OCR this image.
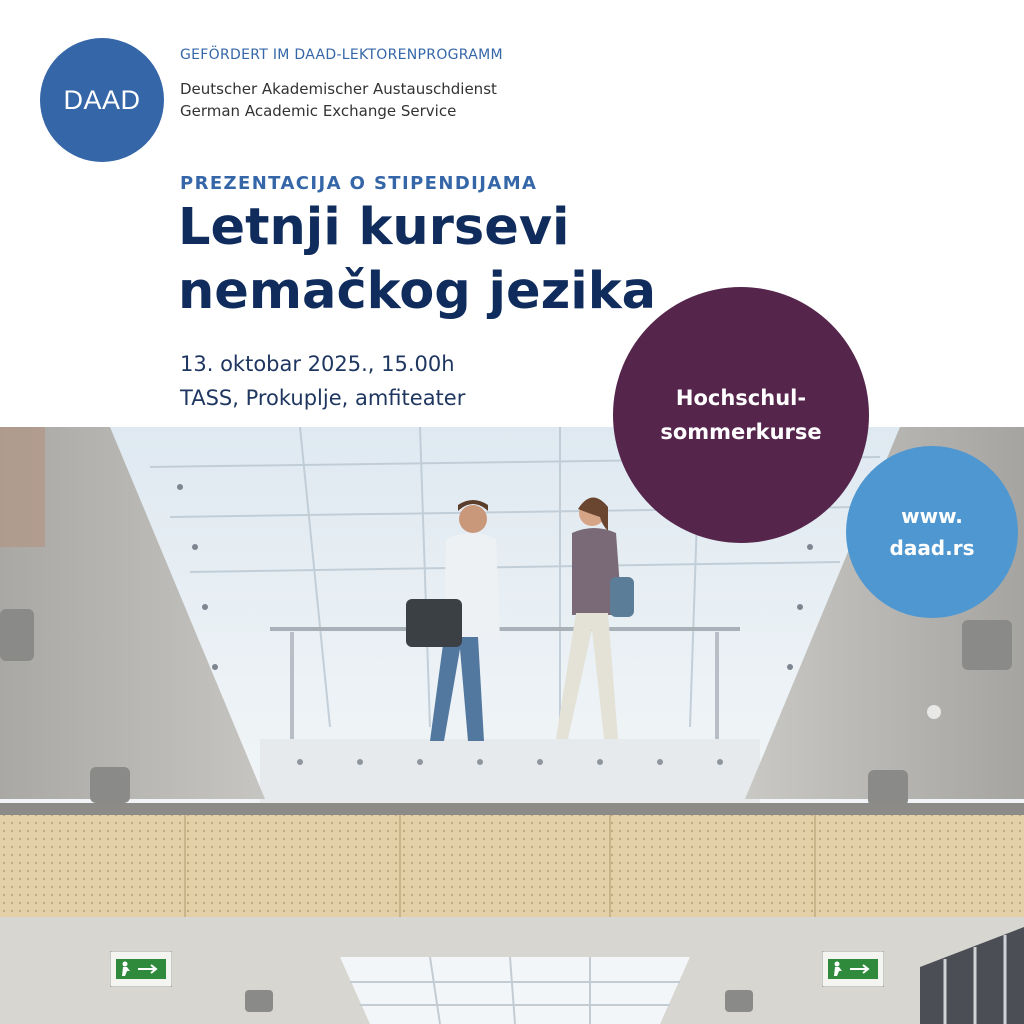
DAAD
GEFÖRDERT IM DAAD-LEKTORENPROGRAMM
Deutscher Akademischer Austauschdienst
German Academic Exchange Service
PREZENTACIJA O STIPENDIJAMA
Letnji kursevi nemačkog jezika
13. oktobar 2025., 15.00h
TASS, Prokuplje, amfiteater	Hochschul-sommerkurse
www. daad.rs
